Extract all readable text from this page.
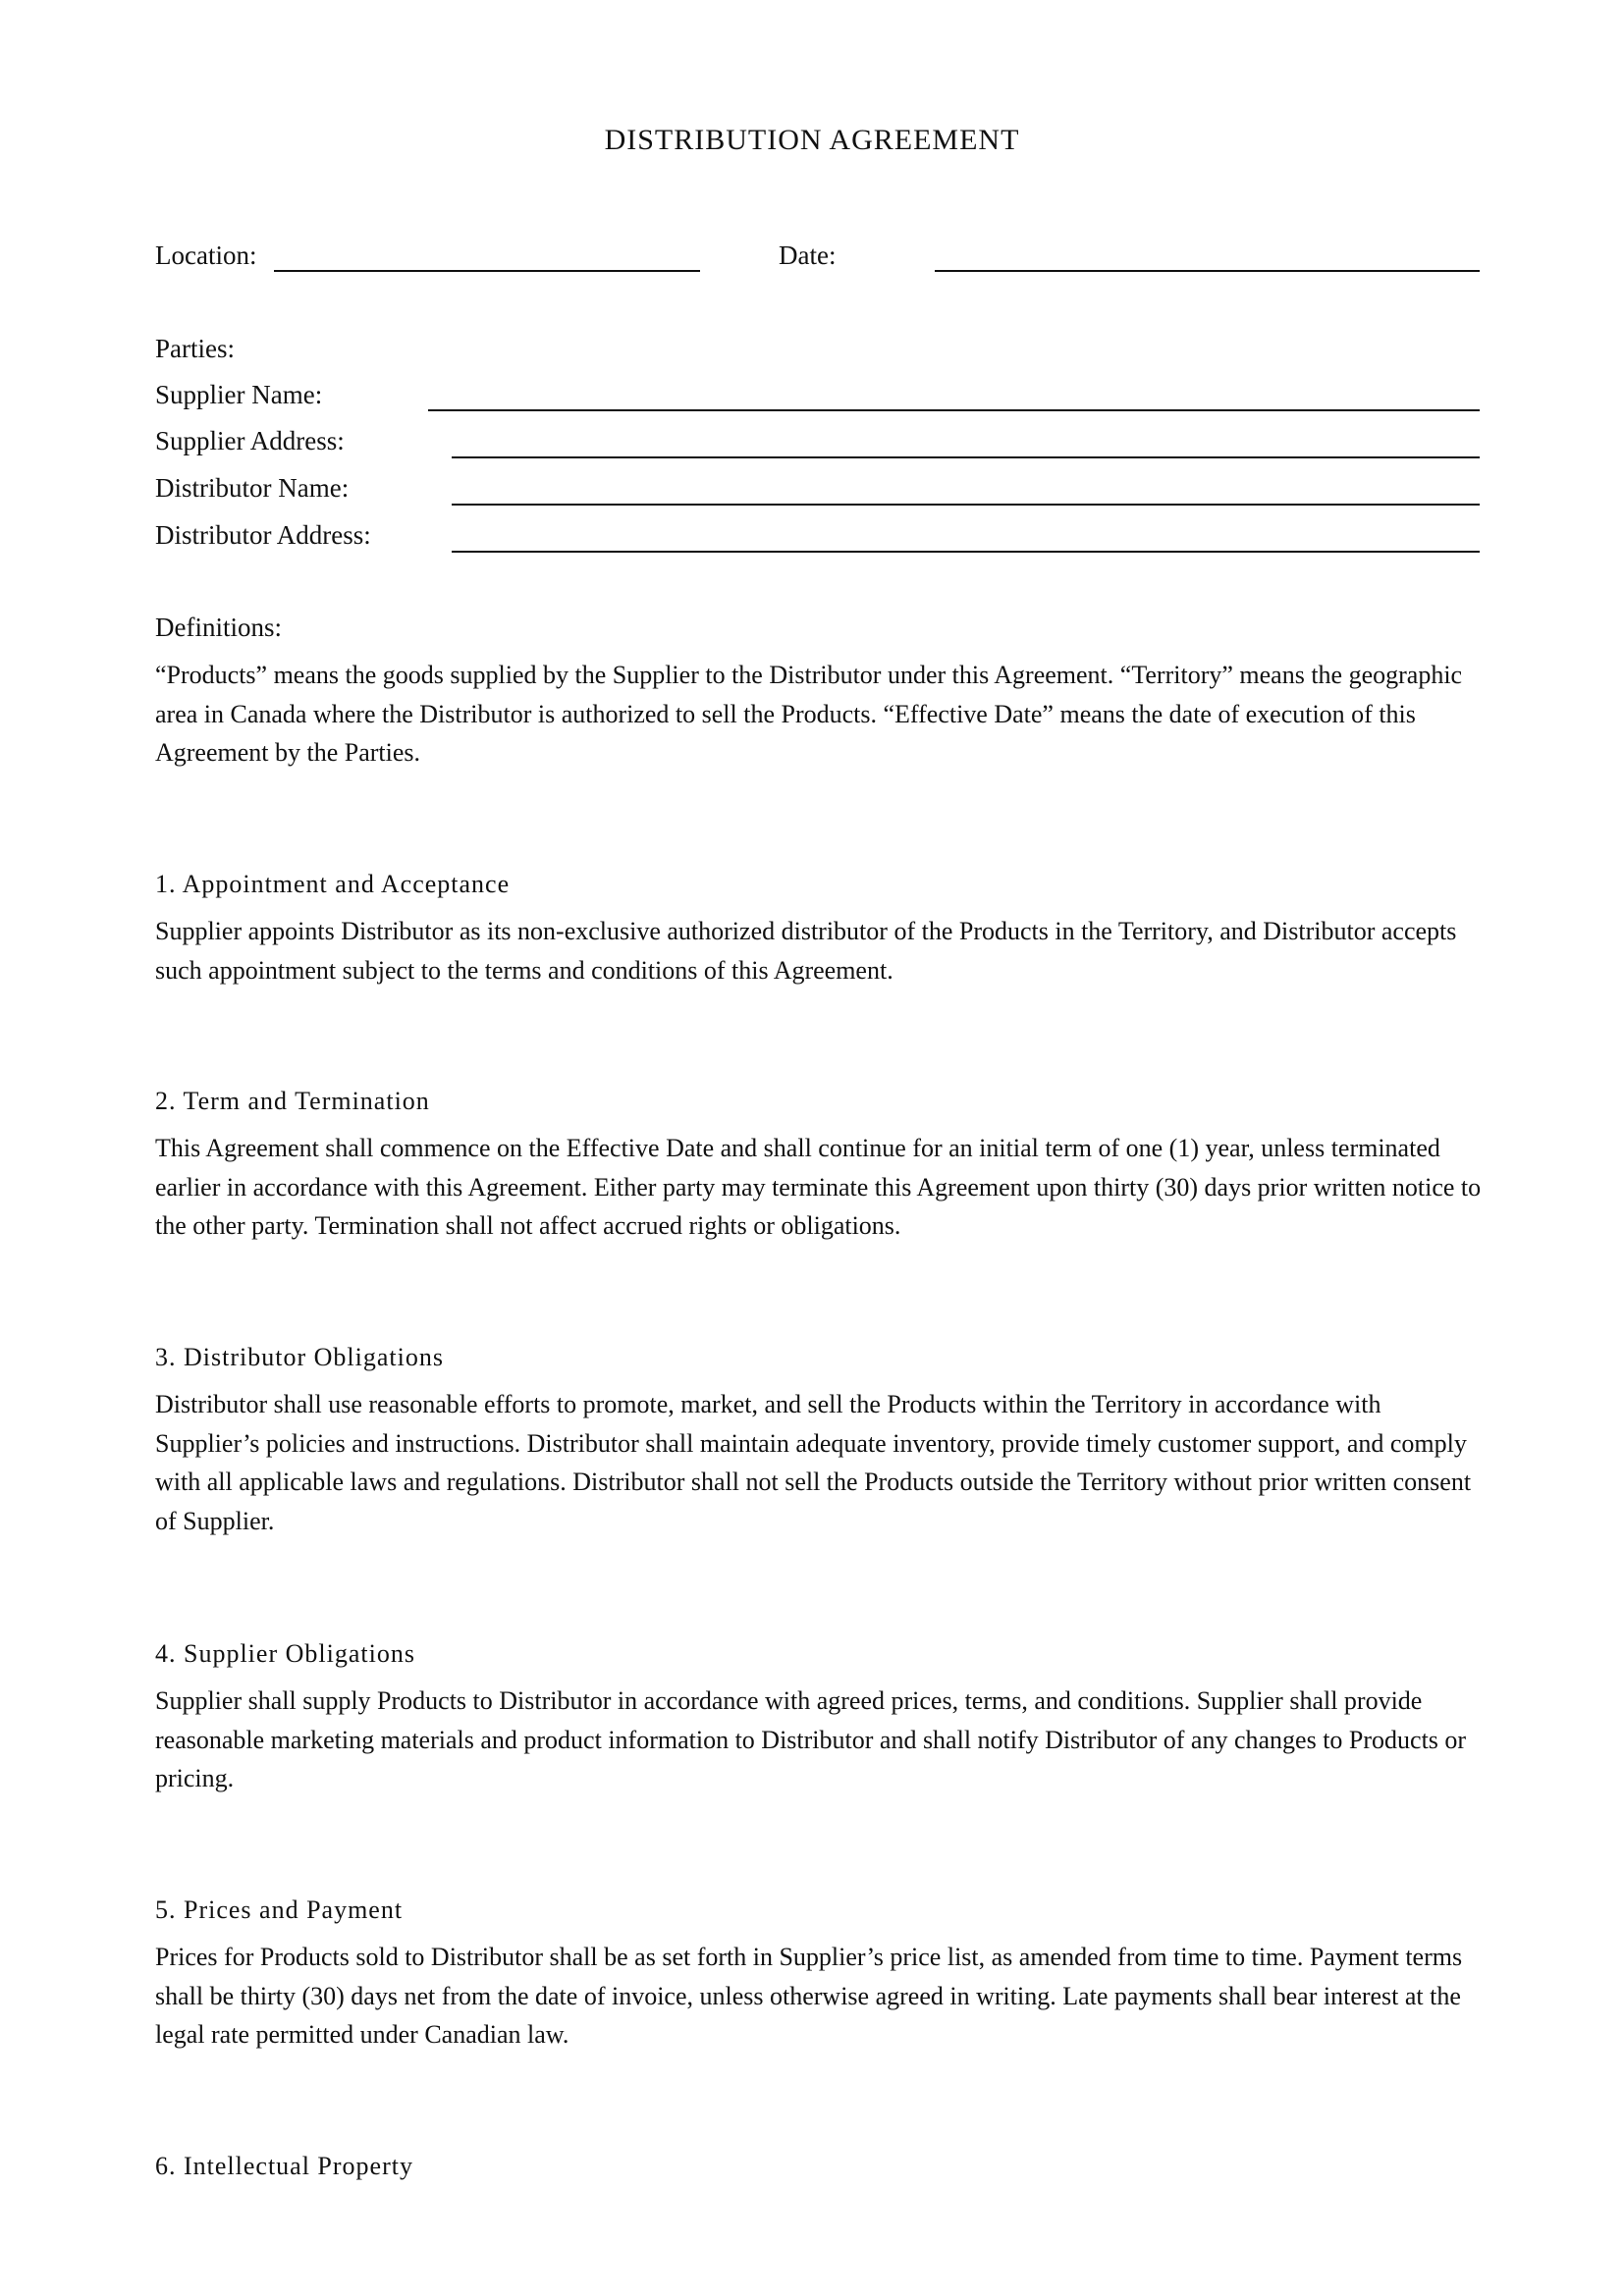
DISTRIBUTION AGREEMENT
Location:	Date:
Parties:
Supplier Name:
Supplier Address:
Distributor Name:
Distributor Address:
Definitions:

“Products” means the goods supplied by the Supplier to the Distributor under this Agreement. “Territory” means the geographic area in Canada where the Distributor is authorized to sell the Products. “Effective Date” means the date of execution of this Agreement by the Parties.

1. Appointment and Acceptance

Supplier appoints Distributor as its non-exclusive authorized distributor of the Products in the Territory, and Distributor accepts such appointment subject to the terms and conditions of this Agreement.

2. Term and Termination

This Agreement shall commence on the Effective Date and shall continue for an initial term of one (1) year, unless terminated earlier in accordance with this Agreement. Either party may terminate this Agreement upon thirty (30) days prior written notice to the other party. Termination shall not affect accrued rights or obligations.

3. Distributor Obligations

Distributor shall use reasonable efforts to promote, market, and sell the Products within the Territory in accordance with Supplier’s policies and instructions. Distributor shall maintain adequate inventory, provide timely customer support, and comply with all applicable laws and regulations. Distributor shall not sell the Products outside the Territory without prior written consent of Supplier.

4. Supplier Obligations

Supplier shall supply Products to Distributor in accordance with agreed prices, terms, and conditions. Supplier shall provide reasonable marketing materials and product information to Distributor and shall notify Distributor of any changes to Products or pricing.

5. Prices and Payment

Prices for Products sold to Distributor shall be as set forth in Supplier’s price list, as amended from time to time. Payment terms shall be thirty (30) days net from the date of invoice, unless otherwise agreed in writing. Late payments shall bear interest at the legal rate permitted under Canadian law.

6. Intellectual Property
